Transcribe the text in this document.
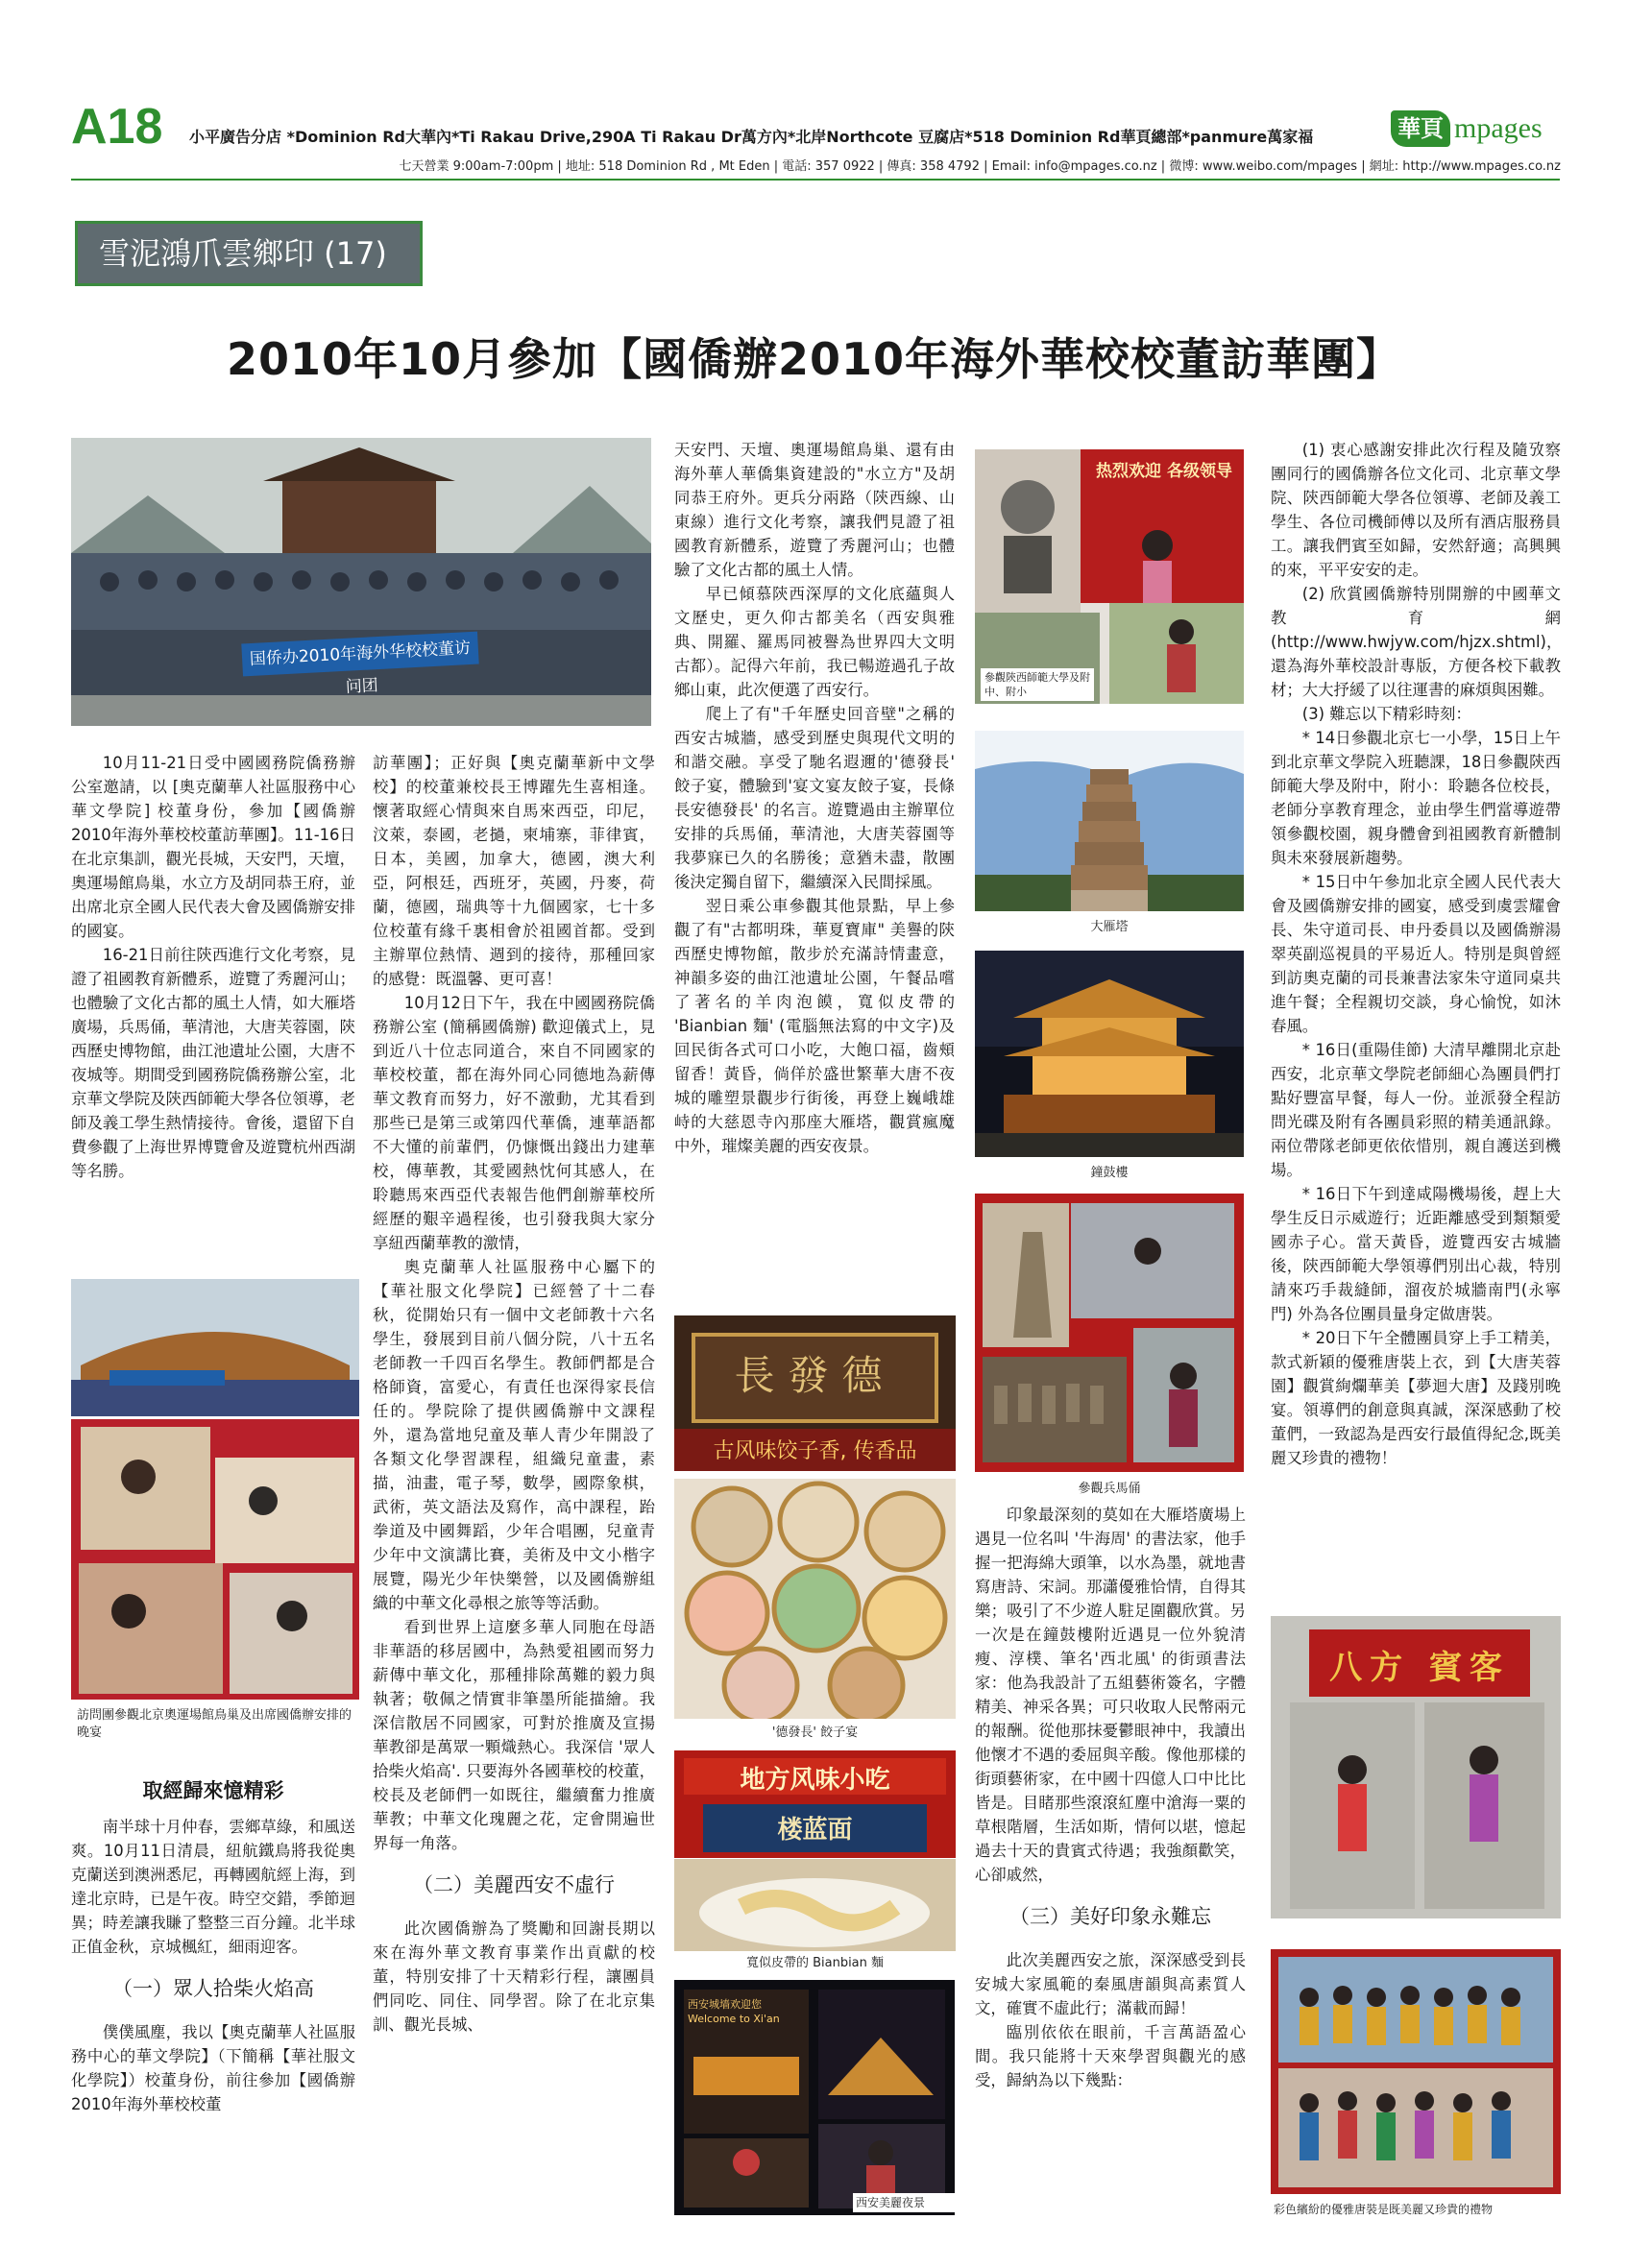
A18 小平廣告分店 *Dominion Rd大華內*Ti Rakau Drive,290A Ti Rakau Dr萬方內*北岸Northcote 豆腐店*518 Dominion Rd華頁總部*panmure萬家福	華頁 mpages
七天營業 9:00am-7:00pm | 地址: 518 Dominion Rd , Mt Eden | 電話: 357 0922 | 傳真: 358 4792 | Email: info@mpages.co.nz | 微博: www.weibo.com/mpages | 網址: http://www.mpages.co.nz
雪泥鴻爪雲鄉印 (17)
2010年10月參加【國僑辦2010年海外華校校董訪華團】
国侨办2010年海外华校校董访问团
訪問團參觀北京奧運場館鳥巢及出席國僑辦安排的晚宴
热烈欢迎 各级领导
參觀陝西師範大學及附中、附小
大雁塔
鐘鼓樓
參觀兵馬俑
長發德
古风味饺子香, 传香品
'德發長' 餃子宴
地方风味小吃
楼蓝面
寬似皮帶的 Bianbian 麵
西安城墙欢迎您 Welcome to Xi'an
西安美麗夜景
八方 賓客
彩色繽紛的優雅唐裝是既美麗又珍貴的禮物

10月11-21日受中國國務院僑務辦公室邀請，以 [奧克蘭華人社區服務中心華文學院] 校董身份，參加【國僑辦2010年海外華校校董訪華團】。11-16日在北京集訓，觀光長城，天安門，天壇，奧運場館鳥巢，水立方及胡同恭王府，並出席北京全國人民代表大會及國僑辦安排的國宴。

16-21日前往陝西進行文化考察，見證了祖國教育新體系，遊覽了秀麗河山；也體驗了文化古都的風土人情，如大雁塔廣場，兵馬俑，華清池，大唐芙蓉園，陝西歷史博物館，曲江池遺址公園，大唐不夜城等。期間受到國務院僑務辦公室，北京華文學院及陝西師範大學各位領導，老師及義工學生熱情接待。會後，還留下自費參觀了上海世界博覽會及遊覽杭州西湖等名勝。

取經歸來憶精彩

南半球十月仲春，雲鄉草綠，和風送爽。10月11日清晨，紐航鐵鳥將我從奧克蘭送到澳洲悉尼，再轉國航經上海，到達北京時，已是午夜。時空交錯，季節迴異；時差讓我賺了整整三百分鐘。北半球正值金秋，京城楓紅，細雨迎客。

（一）眾人拾柴火焰高

僕僕風塵，我以【奧克蘭華人社區服務中心的華文學院】（下簡稱【華社服文化學院】）校董身份，前往參加【國僑辦2010年海外華校校董

訪華團】；正好與【奧克蘭華新中文學校】的校董兼校長王博躍先生喜相逢。懷著取經心情與來自馬來西亞，印尼，汶萊，泰國，老撾，柬埔寨，菲律賓，日本，美國，加拿大，德國，澳大利亞，阿根廷，西班牙，英國，丹麥，荷蘭，德國，瑞典等十九個國家，七十多位校董有緣千裏相會於祖國首都。受到主辦單位熱情、週到的接待，那種回家的感覺：既溫馨、更可喜！

10月12日下午，我在中國國務院僑務辦公室 (簡稱國僑辦) 歡迎儀式上，見到近八十位志同道合，來自不同國家的華校校董，都在海外同心同德地為薪傳華文教育而努力，好不激動，尤其看到那些已是第三或第四代華僑，連華語都不大懂的前輩們，仍慷慨出錢出力建華校，傳華教，其愛國熱忱何其感人，在聆聽馬來西亞代表報告他們創辦華校所經歷的艱辛過程後，也引發我與大家分享紐西蘭華教的激情，

奧克蘭華人社區服務中心屬下的【華社服文化學院】已經營了十二春秋，從開始只有一個中文老師教十六名學生，發展到目前八個分院，八十五名老師教一千四百名學生。教師們都是合格師資，富愛心，有責任也深得家長信任的。學院除了提供國僑辦中文課程外，還為當地兒童及華人青少年開設了各類文化學習課程，組織兒童畫，素描，油畫，電子琴，數學，國際象棋，武術，英文語法及寫作，高中課程，跆拳道及中國舞蹈，少年合唱團，兒童青少年中文演講比賽，美術及中文小楷字展覽，陽光少年快樂營，以及國僑辦組織的中華文化尋根之旅等等活動。

看到世界上這麼多華人同胞在母語非華語的移居國中，為熱愛祖國而努力薪傳中華文化，那種排除萬難的毅力與執著；敬佩之情實非筆墨所能描繪。我深信散居不同國家，可對於推廣及宣揚華教卻是萬眾一顆熾熱心。我深信 '眾人拾柴火焰高'. 只要海外各國華校的校董，校長及老師們一如既往，繼續奮力推廣華教；中華文化瑰麗之花，定會開遍世界每一角落。

（二）美麗西安不虛行

此次國僑辦為了獎勵和回謝長期以來在海外華文教育事業作出貢獻的校董，特別安排了十天精彩行程，讓團員們同吃、同住、同學習。除了在北京集訓、觀光長城、

天安門、天壇、奧運場館鳥巢、還有由海外華人華僑集資建設的"水立方"及胡同恭王府外。更兵分兩路（陝西線、山東線）進行文化考察，讓我們見證了祖國教育新體系，遊覽了秀麗河山；也體驗了文化古都的風土人情。

早已傾慕陝西深厚的文化底蘊與人文歷史，更久仰古都美名（西安與雅典、開羅、羅馬同被譽為世界四大文明古都）。記得六年前，我已暢遊過孔子故鄉山東，此次便選了西安行。

爬上了有"千年歷史回音壁"之稱的西安古城牆，感受到歷史與現代文明的和諧交融。享受了馳名遐邇的'德發長' 餃子宴，體驗到'宴文宴友餃子宴，長條長安德發長' 的名言。遊覽過由主辦單位安排的兵馬俑，華清池，大唐芙蓉園等我夢寐已久的名勝後；意猶未盡，散團後決定獨自留下，繼續深入民間採風。

翌日乘公車參觀其他景點，早上參觀了有"古都明珠，華夏寶庫" 美譽的陝西歷史博物館，散步於充滿詩情畫意，神韻多姿的曲江池遺址公園，午餐品嚐了著名的羊肉泡饃，寬似皮帶的 'Bianbian 麵' (電腦無法寫的中文字)及回民街各式可口小吃，大飽口福，齒頰留香！黃昏，倘佯於盛世繁華大唐不夜城的雕塑景觀步行街後，再登上巍峨雄峙的大慈恩寺內那座大雁塔，觀賞瘋魔中外，璀燦美麗的西安夜景。

印象最深刻的莫如在大雁塔廣場上遇見一位名叫 '牛海周' 的書法家，他手握一把海綿大頭筆，以水為墨，就地書寫唐詩、宋詞。那瀟優雅恰情，自得其樂；吸引了不少遊人駐足圍觀欣賞。另一次是在鐘鼓樓附近遇見一位外貌清瘦、淳樸、筆名'西北風' 的街頭書法家：他為我設計了五組藝術簽名，字體精美、神采各異；可只收取人民幣兩元的報酬。從他那抹憂鬱眼神中，我讀出他懷才不遇的委屈與辛酸。像他那樣的街頭藝術家，在中國十四億人口中比比皆是。目睹那些滾滾紅塵中滄海一粟的草根階層，生活如斯，情何以堪，憶起過去十天的貴賓式待遇；我強顏歡笑，心卻戚然，

（三）美好印象永難忘

此次美麗西安之旅，深深感受到長安城大家風範的秦風唐韻與高素質人文，確實不虛此行；滿載而歸！

臨別依依在眼前，千言萬語盈心間。我只能將十天來學習與觀光的感受，歸納為以下幾點：

(1) 衷心感謝安排此次行程及隨攷察團同行的國僑辦各位文化司、北京華文學院、陝西師範大學各位領導、老師及義工學生、各位司機師傅以及所有酒店服務員工。讓我們賓至如歸，安然舒適；高興興的來，平平安安的走。

(2) 欣賞國僑辦特別開辦的中國華文教育網 (http://www.hwjyw.com/hjzx.shtml)，還為海外華校設計專版，方便各校下載教材；大大抒緩了以往運書的麻煩與困難。

(3) 難忘以下精彩時刻：

* 14日參觀北京七一小學，15日上午到北京華文學院入班聽課，18日參觀陝西師範大學及附中，附小：聆聽各位校長，老師分享教育理念，並由學生們當導遊帶領參觀校園，親身體會到祖國教育新體制與未來發展新趨勢。

* 15日中午參加北京全國人民代表大會及國僑辦安排的國宴，感受到虞雲耀會長、朱守道司長、申丹委員以及國僑辦湯翠英副巡視員的平易近人。特別是與曾經到訪奧克蘭的司長兼書法家朱守道同桌共進午餐；全程親切交談，身心愉悅，如沐春風。

* 16日(重陽佳節) 大清早離開北京赴西安，北京華文學院老師細心為團員們打點好豐富早餐，每人一份。並派發全程訪問光碟及附有各團員彩照的精美通訊錄。兩位帶隊老師更依依惜別，親自護送到機場。

* 16日下午到達咸陽機場後，趕上大學生反日示威遊行；近距離感受到類類愛國赤子心。當天黃昏，遊覽西安古城牆後，陝西師範大學領導們別出心裁，特別請來巧手裁縫師，溜夜於城牆南門(永寧門) 外為各位團員量身定做唐裝。

* 20日下午全體團員穿上手工精美，款式新穎的優雅唐裝上衣，到【大唐芙蓉園】觀賞絢爛華美【夢迴大唐】及踐別晚宴。領導們的創意與真誠，深深感動了校董們，一致認為是西安行最值得紀念,既美麗又珍貴的禮物！
